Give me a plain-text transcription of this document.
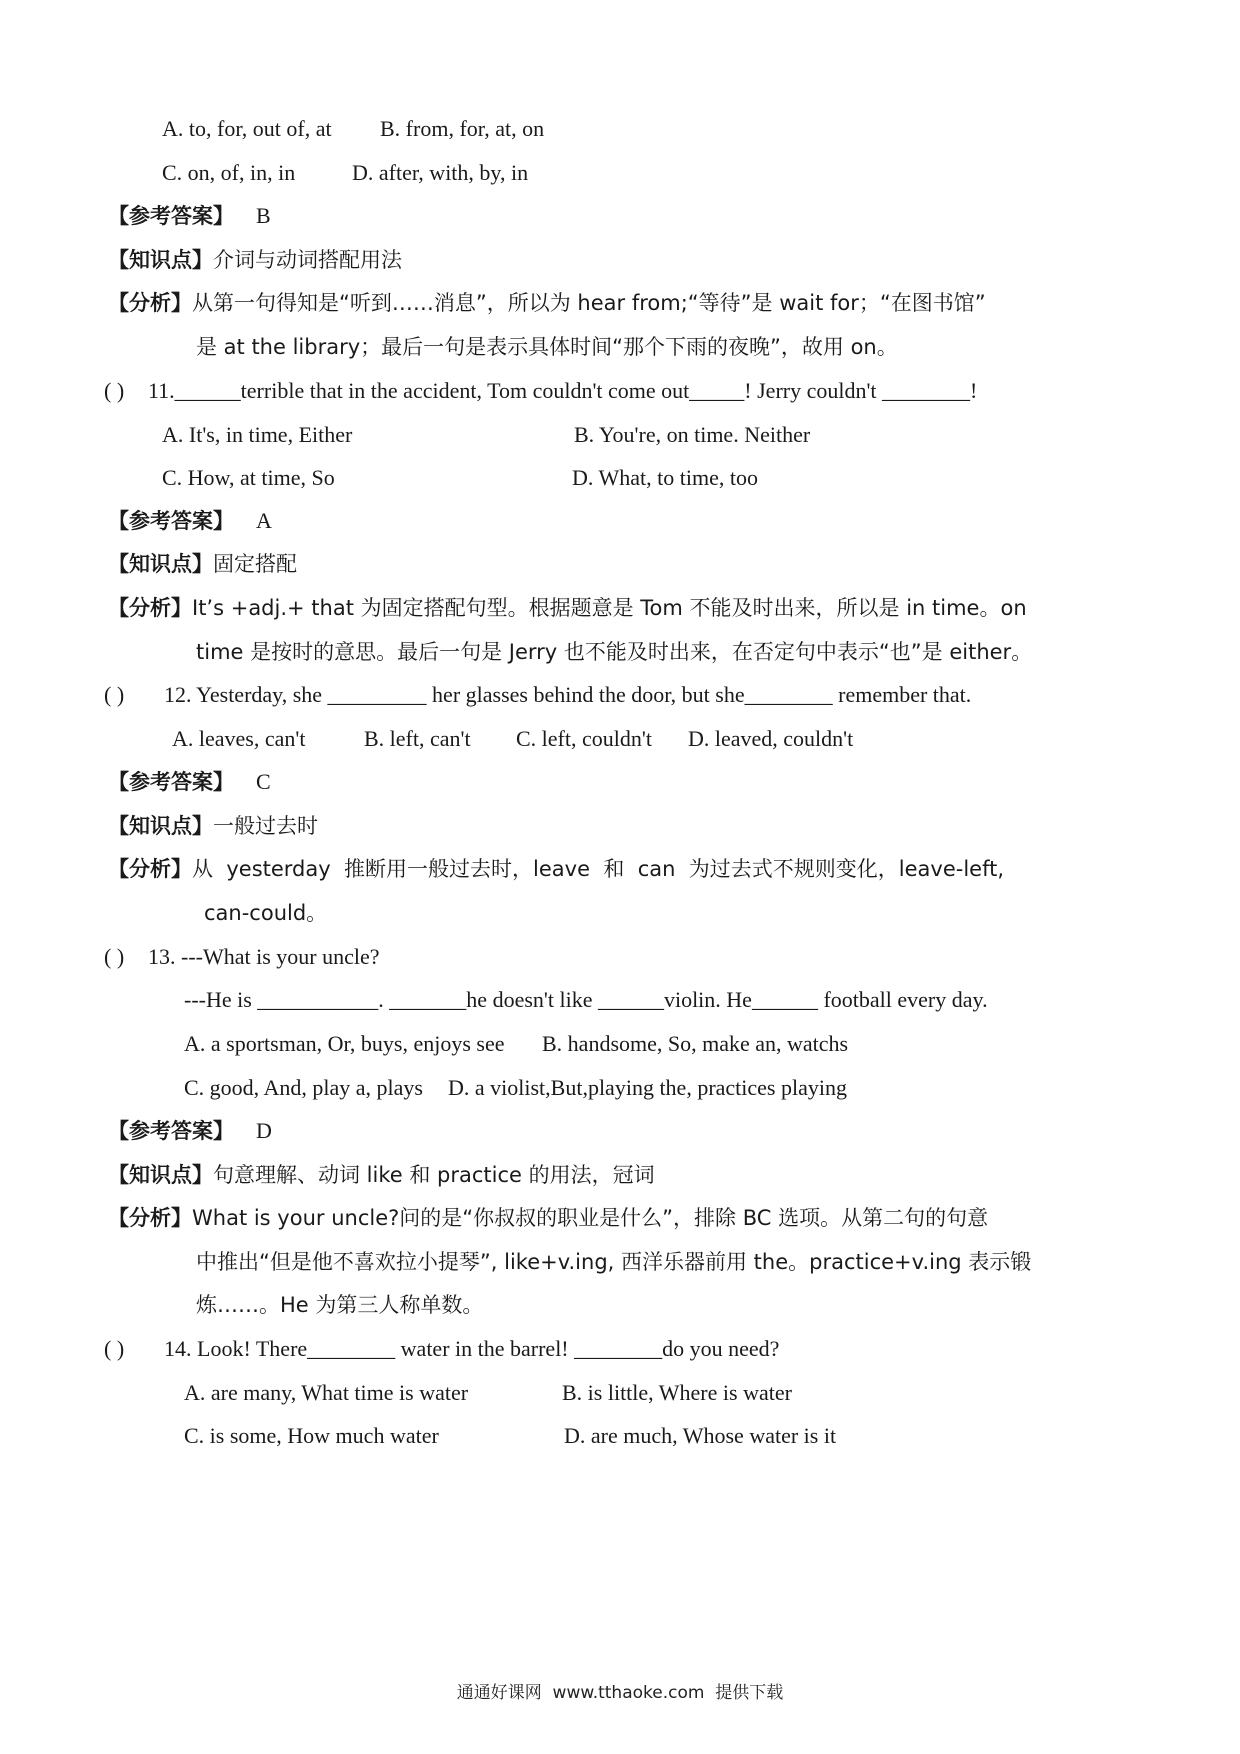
A. to, for, out of, at B. from, for, at, on
C. on, of, in, in	D. after, with, by, in
【参考答案】 B
【知识点】介词与动词搭配用法
【分析】从第一句得知是“听到……消息”，所以为 hear from;“等待”是 wait for；“在图书馆”
是 at the library；最后一句是表示具体时间“那个下雨的夜晚”，故用 on。
( ) 11.______terrible that in the accident, Tom couldn't come out_____! Jerry couldn't ________!
A. It's, in time, Either	B. You're, on time. Neither
C. How, at time, So	D. What, to time, too
【参考答案】 A
【知识点】固定搭配
【分析】It’s +adj.+ that 为固定搭配句型。根据题意是 Tom 不能及时出来，所以是 in time。on
time 是按时的意思。最后一句是 Jerry 也不能及时出来，在否定句中表示“也”是 either。
( ) 12. Yesterday, she _________ her glasses behind the door, but she________ remember that.
A. leaves, can't	B. left, can't C. left, couldn't D. leaved, couldn't
【参考答案】 C
【知识点】一般过去时
【分析】从  yesterday  推断用一般过去时，leave  和  can  为过去式不规则变化，leave-left,
can-could。
( ) 13. ---What is your uncle?
---He is ___________. _______he doesn't like ______violin. He______ football every day.
A. a sportsman, Or, buys, enjoys see B. handsome, So, make an, watchs
C. good, And, play a, plays D. a violist,But,playing the, practices playing
【参考答案】 D
【知识点】句意理解、动词 like 和 practice 的用法，冠词
【分析】What is your uncle?问的是“你叔叔的职业是什么”，排除 BC 选项。从第二句的句意
中推出“但是他不喜欢拉小提琴”, like+v.ing, 西洋乐器前用 the。practice+v.ing 表示锻
炼……。He 为第三人称单数。
( ) 14. Look! There________ water in the barrel! ________do you need?
A. are many, What time is water	B. is little, Where is water
C. is some, How much water	D. are much, Whose water is it
通通好课网  www.tthaoke.com  提供下载
